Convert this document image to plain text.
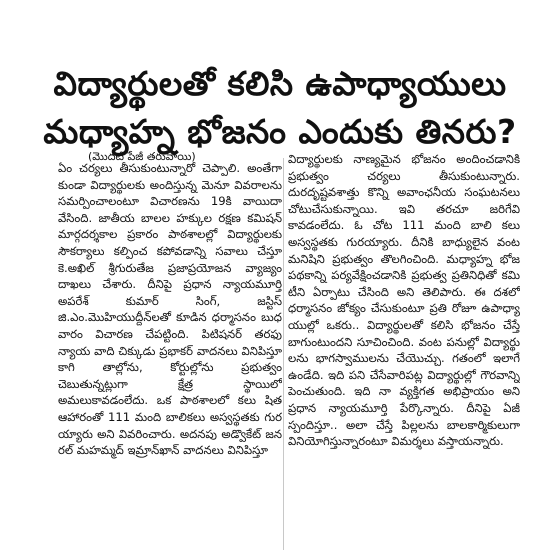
విద్యార్థులతో కలిసి ఉపాధ్యాయులు
మధ్యాహ్న భోజనం ఎందుకు తినరు?
(మొదటి పేజీ తరువాయి)

ఏం చర్యలు తీసుకుంటున్నారో చెప్పాలి. అంతేగా కుండా విద్యార్థులకు అందిస్తున్న మెనూ వివరాలను సమర్పించాలంటూ విచారణను 19కి వాయిదా వేసింది. జాతీయ బాలల హక్కుల రక్షణ కమిషన్ మార్గదర్శకాల ప్రకారం పాఠశాలల్లో విద్యార్థులకు సౌకర్యాలు కల్పించ కపోవడాన్ని సవాలు చేస్తూ కె.అఖిల్ శ్రీగురుతేజ ప్రజాప్రయోజన వ్యాజ్యం దాఖలు చేశారు. దీనిపై ప్రధాన న్యాయమూర్తి అపరేశ్ కుమార్ సింగ్, జస్టిస్ జి.ఎం.మొహియుద్దీన్‌లతో కూడిన ధర్మాసనం బుధ వారం విచారణ చేపట్టింది. పిటిషనర్ తరఫు న్యాయ వాది చిక్కుడు ప్రభాకర్ వాదనలు వినిపిస్తూ కాగి తాల్లోను, కోర్టుల్లోను ప్రభుత్వం చెబుతున్నట్లుగా క్షేత్ర స్థాయిలో అమలుకావడంలేదు. ఒక పాఠశాలలో కలు షిత ఆహారంతో 111 మంది బాలికలు అస్వస్థతకు గుర య్యారు అని వివరించారు. అదనపు అడ్వొకేట్ జన రల్ మహమ్మద్ ఇమ్రాన్‌ఖాన్ వాదనలు వినిపిస్తూ

విద్యార్థులకు నాణ్యమైన భోజనం అందించడానికి ప్రభుత్వం చర్యలు తీసుకుంటున్నారు. దురదృష్టవశాత్తు కొన్ని అవాంఛనీయ సంఘటనలు చోటుచేసుకున్నాయి. ఇవి తరచూ జరిగేవి కావడంలేదు. ఓ చోట 111 మంది బాలి కలు అస్వస్థతకు గురయ్యారు. దీనికి బాధ్యులైన వంట మనిషిని ప్రభుత్వం తొలగించింది. మధ్యాహ్న భోజ పథకాన్ని పర్యవేక్షించడానికి ప్రభుత్వ ప్రతినిధితో కమి టీని ఏర్పాటు చేసింది అని తెలిపారు. ఈ దశలో ధర్మాసనం జోక్యం చేసుకుంటూ ప్రతి రోజూ ఉపాధ్యా యుల్లో ఒకరు.. విద్యార్థులతో కలిసి భోజనం చేస్తే బాగుంటుందని సూచించింది. వంట పనుల్లో విద్యార్థు లను భాగస్వాములను చేయొచ్చు. గతంలో ఇలాగే ఉండేది. ఇది పని చేసేవారిపట్ల విద్యార్థుల్లో గౌరవాన్ని పెంచుతుంది. ఇది నా వ్యక్తిగత అభిప్రాయం అని ప్రధాన న్యాయమూర్తి పేర్కొన్నారు. దీనిపై ఏజీ స్పందిస్తూ.. అలా చేస్తే పిల్లలను బాలకార్మికులుగా వినియోగిస్తున్నారంటూ విమర్శలు వస్తాయన్నారు.
